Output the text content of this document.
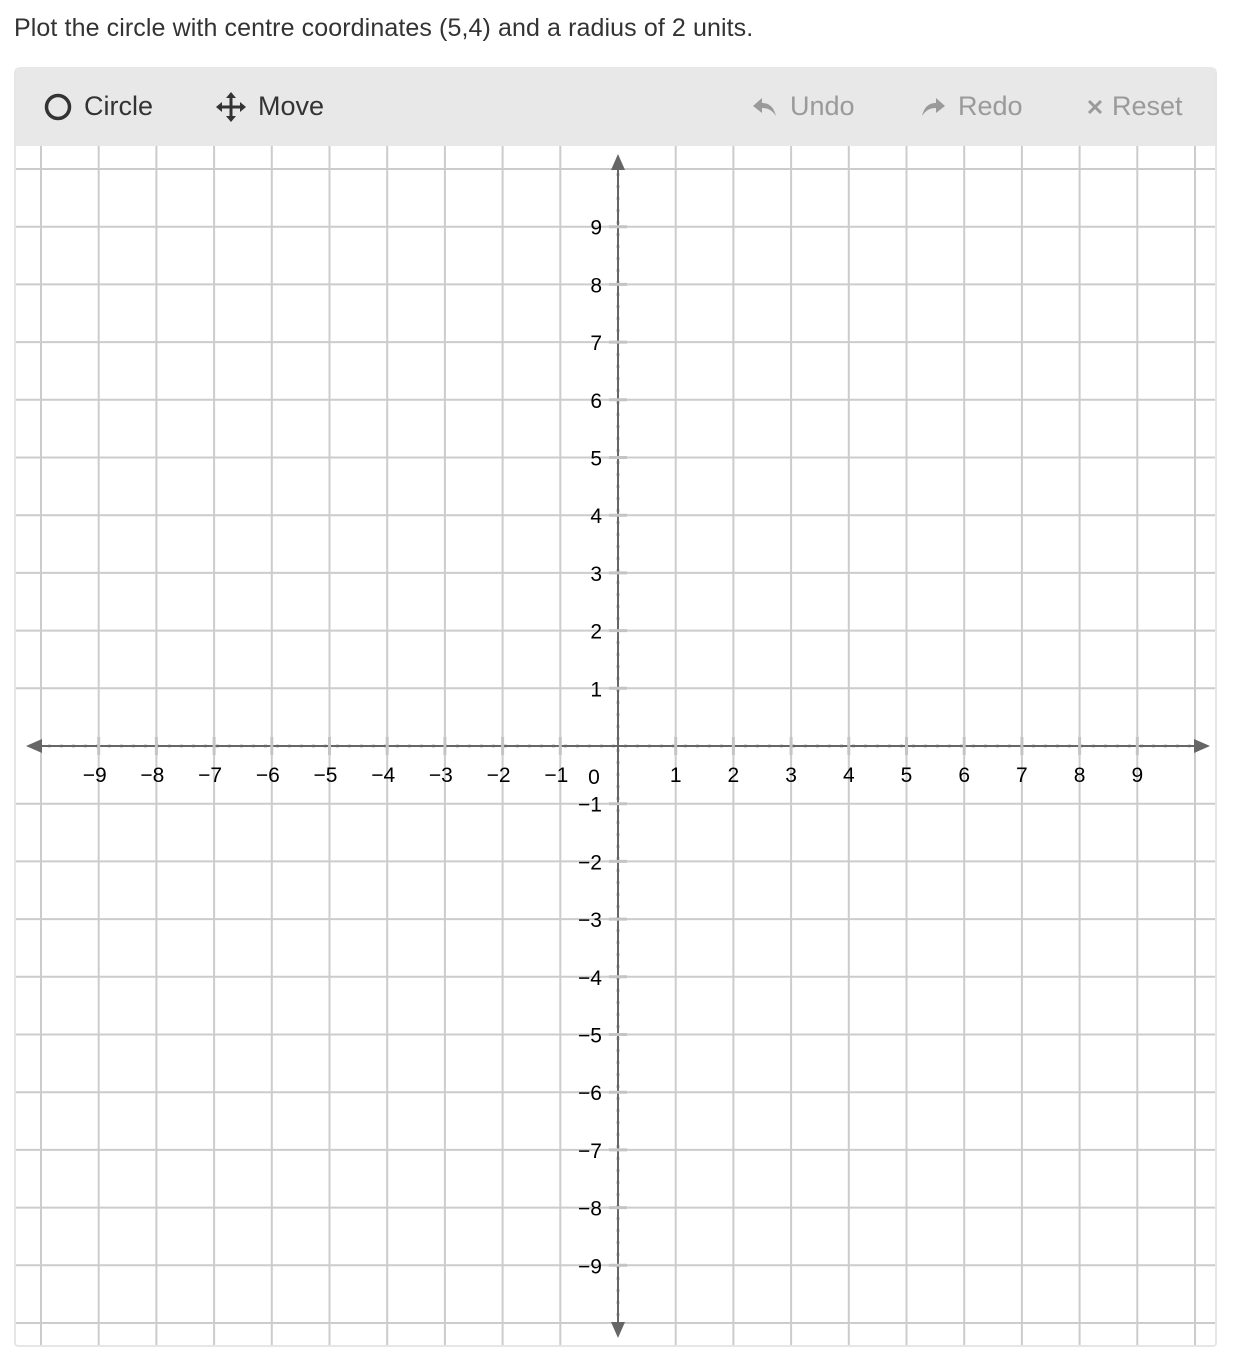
Plot the circle with centre coordinates (5,4) and a radius of 2 units.
Circle	Move	Undo	Redo	Reset
−9 −8 −7 −6 −5 −4 −3 −2 −1	1 2 3 4 5 6 7 8 9
9
8
7
6
5
4
3
2
1
−1
−2
−3
−4
−5
−6
−7
−8
−9
0
